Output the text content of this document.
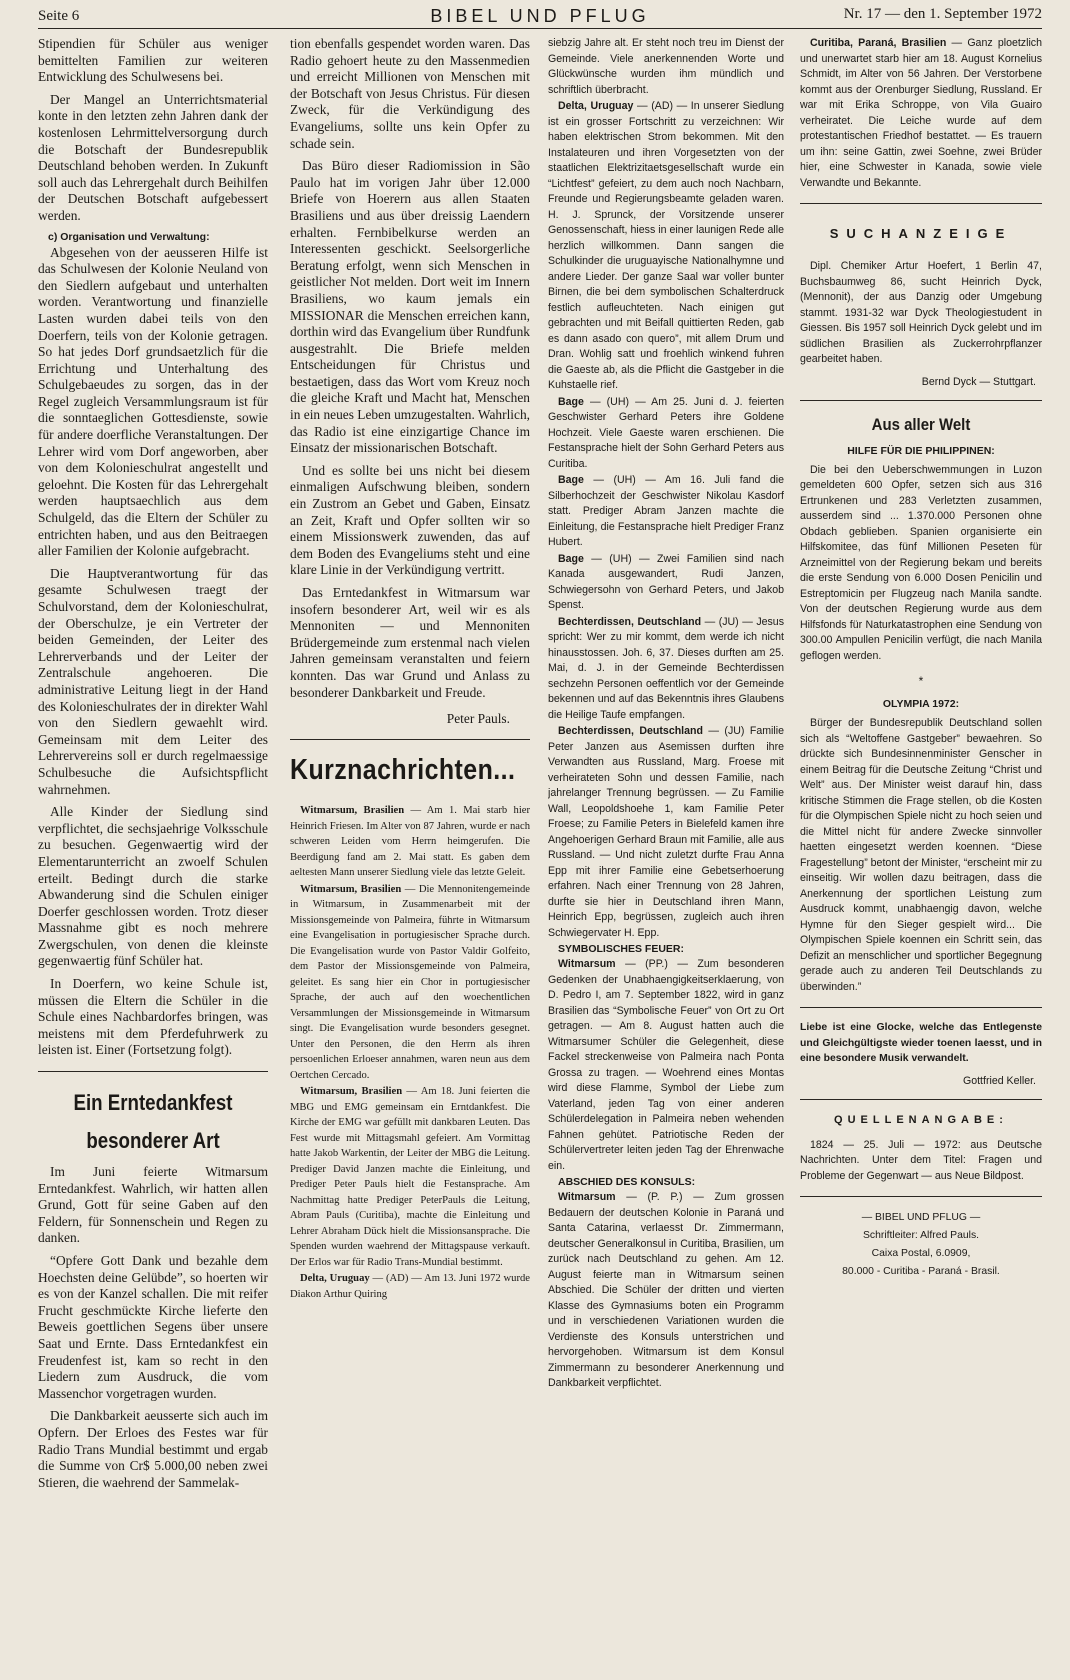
Seite 6	BIBEL UND PFLUG	Nr. 17 — den 1. September 1972

Stipendien für Schüler aus weniger bemittelten Familien zur weiteren Entwicklung des Schulwesens bei.

Der Mangel an Unterrichtsmaterial konte in den letzten zehn Jahren dank der kostenlosen Lehrmittelversorgung durch die Botschaft der Bundesrepublik Deutschland behoben werden. In Zukunft soll auch das Lehrergehalt durch Beihilfen der Deutschen Botschaft aufgebessert werden.

c) Organisation und Verwaltung:

Abgesehen von der aeusseren Hilfe ist das Schulwesen der Kolonie Neuland von den Siedlern aufgebaut und unterhalten worden. Verantwortung und finanzielle Lasten wurden dabei teils von den Doerfern, teils von der Kolonie getragen. So hat jedes Dorf grundsaetzlich für die Errichtung und Unterhaltung des Schulgebaeudes zu sorgen, das in der Regel zugleich Versammlungsraum ist für die sonntaeglichen Gottesdienste, sowie für andere doerfliche Veranstaltungen. Der Lehrer wird vom Dorf angeworben, aber von dem Kolonieschulrat angestellt und geloehnt. Die Kosten für das Lehrergehalt werden hauptsaechlich aus dem Schulgeld, das die Eltern der Schüler zu entrichten haben, und aus den Beitraegen aller Familien der Kolonie aufgebracht.

Die Hauptverantwortung für das gesamte Schulwesen traegt der Schulvorstand, dem der Kolonieschulrat, der Oberschulze, je ein Vertreter der beiden Gemeinden, der Leiter des Lehrerverbands und der Leiter der Zentralschule angehoeren. Die administrative Leitung liegt in der Hand des Kolonieschulrates der in direkter Wahl von den Siedlern gewaehlt wird. Gemeinsam mit dem Leiter des Lehrervereins soll er durch regelmaessige Schulbesuche die Aufsichtspflicht wahrnehmen.

Alle Kinder der Siedlung sind verpflichtet, die sechsjaehrige Volksschule zu besuchen. Gegenwaertig wird der Elementarunterricht an zwoelf Schulen erteilt. Bedingt durch die starke Abwanderung sind die Schulen einiger Doerfer geschlossen worden. Trotz dieser Massnahme gibt es noch mehrere Zwergschulen, von denen die kleinste gegenwaertig fünf Schüler hat.

In Doerfern, wo keine Schule ist, müssen die Eltern die Schüler in die Schule eines Nachbardorfes bringen, was meistens mit dem Pferdefuhrwerk zu leisten ist. Einer (Fortsetzung folgt).

Ein Erntedankfest besonderer Art

Im Juni feierte Witmarsum Erntedankfest. Wahrlich, wir hatten allen Grund, Gott für seine Gaben auf den Feldern, für Sonnenschein und Regen zu danken.

“Opfere Gott Dank und bezahle dem Hoechsten deine Gelübde”, so hoerten wir es von der Kanzel schallen. Die mit reifer Frucht geschmückte Kirche lieferte den Beweis goettlichen Segens über unsere Saat und Ernte. Dass Erntedankfest ein Freudenfest ist, kam so recht in den Liedern zum Ausdruck, die vom Massenchor vorgetragen wurden.

Die Dankbarkeit aeusserte sich auch im Opfern. Der Erloes des Festes war für Radio Trans Mundial bestimmt und ergab die Summe von Cr$ 5.000,00 neben zwei Stieren, die waehrend der Sammelak-

tion ebenfalls gespendet worden waren. Das Radio gehoert heute zu den Massenmedien und erreicht Millionen von Menschen mit der Botschaft von Jesus Christus. Für diesen Zweck, für die Verkündigung des Evangeliums, sollte uns kein Opfer zu schade sein.

Das Büro dieser Radiomission in São Paulo hat im vorigen Jahr über 12.000 Briefe von Hoerern aus allen Staaten Brasiliens und aus über dreissig Laendern erhalten. Fernbibelkurse werden an Interessenten geschickt. Seelsorgerliche Beratung erfolgt, wenn sich Menschen in geistlicher Not melden. Dort weit im Innern Brasiliens, wo kaum jemals ein MISSIONAR die Menschen erreichen kann, dorthin wird das Evangelium über Rundfunk ausgestrahlt. Die Briefe melden Entscheidungen für Christus und bestaetigen, dass das Wort vom Kreuz noch die gleiche Kraft und Macht hat, Menschen in ein neues Leben umzugestalten. Wahrlich, das Radio ist eine einzigartige Chance im Einsatz der missionarischen Botschaft.

Und es sollte bei uns nicht bei diesem einmaligen Aufschwung bleiben, sondern ein Zustrom an Gebet und Gaben, Einsatz an Zeit, Kraft und Opfer sollten wir so einem Missionswerk zuwenden, das auf dem Boden des Evangeliums steht und eine klare Linie in der Verkündigung vertritt.

Das Erntedankfest in Witmarsum war insofern besonderer Art, weil wir es als Mennoniten — und Mennoniten Brüdergemeinde zum erstenmal nach vielen Jahren gemeinsam veranstalten und feiern konnten. Das war Grund und Anlass zu besonderer Dankbarkeit und Freude.

Peter Pauls.
Kurznachrichten...

Witmarsum, Brasilien — Am 1. Mai starb hier Heinrich Friesen. Im Alter von 87 Jahren, wurde er nach schweren Leiden vom Herrn heimgerufen. Die Beerdigung fand am 2. Mai statt. Es gaben dem aeltesten Mann unserer Siedlung viele das letzte Geleit.

Witmarsum, Brasilien — Die Mennonitengemeinde in Witmarsum, in Zusammenarbeit mit der Missionsgemeinde von Palmeira, führte in Witmarsum eine Evangelisation in portugiesischer Sprache durch. Die Evangelisation wurde von Pastor Valdir Golfeito, dem Pastor der Missionsgemeinde von Palmeira, geleitet. Es sang hier ein Chor in portugiesischer Sprache, der auch auf den woechentlichen Versammlungen der Missionsgemeinde in Witmarsum singt. Die Evangelisation wurde besonders gesegnet. Unter den Personen, die den Herrn als ihren persoenlichen Erloeser annahmen, waren neun aus dem Oertchen Cercado.

Witmarsum, Brasilien — Am 18. Juni feierten die MBG und EMG gemeinsam ein Erntdankfest. Die Kirche der EMG war gefüllt mit dankbaren Leuten. Das Fest wurde mit Mittagsmahl gefeiert. Am Vormittag hatte Jakob Warkentin, der Leiter der MBG die Leitung. Prediger David Janzen machte die Einleitung, und Prediger Peter Pauls hielt die Festansprache. Am Nachmittag hatte Prediger PeterPauls die Leitung, Abram Pauls (Curitiba), machte die Einleitung und Lehrer Abraham Dück hielt die Missionsansprache. Die Spenden wurden waehrend der Mittagspause verkauft. Der Erlos war für Radio Trans-Mundial bestimmt.

Delta, Uruguay — (AD) — Am 13. Juni 1972 wurde Diakon Arthur Quiring

siebzig Jahre alt. Er steht noch treu im Dienst der Gemeinde. Viele anerkennenden Worte und Glückwünsche wurden ihm mündlich und schriftlich überbracht.

Delta, Uruguay — (AD) — In unserer Siedlung ist ein grosser Fortschritt zu verzeichnen: Wir haben elektrischen Strom bekommen. Mit den Instalateuren und ihren Vorgesetzten von der staatlichen Elektrizitaetsgesellschaft wurde ein “Lichtfest” gefeiert, zu dem auch noch Nachbarn, Freunde und Regierungsbeamte geladen waren. H. J. Sprunck, der Vorsitzende unserer Genossenschaft, hiess in einer launigen Rede alle herzlich willkommen. Dann sangen die Schulkinder die uruguayische Nationalhymne und andere Lieder. Der ganze Saal war voller bunter Birnen, die bei dem symbolischen Schalterdruck festlich aufleuchteten. Nach einigen gut gebrachten und mit Beifall quittierten Reden, gab es dann asado con quero”, mit allem Drum und Dran. Wohlig satt und froehlich winkend fuhren die Gaeste ab, als die Pflicht die Gastgeber in die Kuhstaelle rief.

Bage — (UH) — Am 25. Juni d. J. feierten Geschwister Gerhard Peters ihre Goldene Hochzeit. Viele Gaeste waren erschienen. Die Festansprache hielt der Sohn Gerhard Peters aus Curitiba.

Bage — (UH) — Am 16. Juli fand die Silberhochzeit der Geschwister Nikolau Kasdorf statt. Prediger Abram Janzen machte die Einleitung, die Festansprache hielt Prediger Franz Hubert.

Bage — (UH) — Zwei Familien sind nach Kanada ausgewandert, Rudi Janzen, Schwiegersohn von Gerhard Peters, und Jakob Spenst.

Bechterdissen, Deutschland — (JU) — Jesus spricht: Wer zu mir kommt, dem werde ich nicht hinausstossen. Joh. 6, 37. Dieses durften am 25. Mai, d. J. in der Gemeinde Bechterdissen sechzehn Personen oeffentlich vor der Gemeinde bekennen und auf das Bekenntnis ihres Glaubens die Heilige Taufe empfangen.

Bechterdissen, Deutschland — (JU) Familie Peter Janzen aus Asemissen durften ihre Verwandten aus Russland, Marg. Froese mit verheirateten Sohn und dessen Familie, nach jahrelanger Trennung begrüssen. — Zu Familie Wall, Leopoldshoehe 1, kam Familie Peter Froese; zu Familie Peters in Bielefeld kamen ihre Angehoerigen Gerhard Braun mit Familie, alle aus Russland. — Und nicht zuletzt durfte Frau Anna Epp mit ihrer Familie eine Gebetserhoerung erfahren. Nach einer Trennung von 28 Jahren, durfte sie hier in Deutschland ihren Mann, Heinrich Epp, begrüssen, zugleich auch ihren Schwiegervater H. Epp.

SYMBOLISCHES FEUER:

Witmarsum — (PP.) — Zum besonderen Gedenken der Unabhaengigkeitserklaerung, von D. Pedro I, am 7. September 1822, wird in ganz Brasilien das “Symbolische Feuer” von Ort zu Ort getragen. — Am 8. August hatten auch die Witmarsumer Schüler die Gelegenheit, diese Fackel streckenweise von Palmeira nach Ponta Grossa zu tragen. — Woehrend eines Montas wird diese Flamme, Symbol der Liebe zum Vaterland, jeden Tag von einer anderen Schülerdelegation in Palmeira neben wehenden Fahnen gehütet. Patriotische Reden der Schülervertreter leiten jeden Tag der Ehrenwache ein.

ABSCHIED DES KONSULS:

Witmarsum — (P. P.) — Zum grossen Bedauern der deutschen Kolonie in Paraná und Santa Catarina, verlaesst Dr. Zimmermann, deutscher Generalkonsul in Curitiba, Brasilien, um zurück nach Deutschland zu gehen. Am 12. August feierte man in Witmarsum seinen Abschied. Die Schüler der dritten und vierten Klasse des Gymnasiums boten ein Programm und in verschiedenen Variationen wurden die Verdienste des Konsuls unterstrichen und hervorgehoben. Witmarsum ist dem Konsul Zimmermann zu besonderer Anerkennung und Dankbarkeit verpflichtet.

Curitiba, Paraná, Brasilien — Ganz ploetzlich und unerwartet starb hier am 18. August Kornelius Schmidt, im Alter von 56 Jahren. Der Verstorbene kommt aus der Orenburger Siedlung, Russland. Er war mit Erika Schroppe, von Vila Guairo verheiratet. Die Leiche wurde auf dem protestantischen Friedhof bestattet. — Es trauern um ihn: seine Gattin, zwei Soehne, zwei Brüder hier, eine Schwester in Kanada, sowie viele Verwandte und Bekannte.

SUCHANZEIGE

Dipl. Chemiker Artur Hoefert, 1 Berlin 47, Buchsbaumweg 86, sucht Heinrich Dyck, (Mennonit), der aus Danzig oder Umgebung stammt. 1931-32 war Dyck Theologiestudent in Giessen. Bis 1957 soll Heinrich Dyck gelebt und im südlichen Brasilien als Zuckerrohrpflanzer gearbeitet haben.

Bernd Dyck — Stuttgart.
Aus aller Welt
HILFE FÜR DIE PHILIPPINEN:

Die bei den Ueberschwemmungen in Luzon gemeldeten 600 Opfer, setzen sich aus 316 Ertrunkenen und 283 Verletzten zusammen, ausserdem sind ... 1.370.000 Personen ohne Obdach geblieben. Spanien organisierte ein Hilfskomitee, das fünf Millionen Peseten für Arzneimittel von der Regierung bekam und bereits die erste Sendung von 6.000 Dosen Penicilin und Estreptomicin per Flugzeug nach Manila sandte. Von der deutschen Regierung wurde aus dem Hilfsfonds für Naturkatastrophen eine Sendung von 300.00 Ampullen Penicilin verfügt, die nach Manila geflogen werden.

*
OLYMPIA 1972:

Bürger der Bundesrepublik Deutschland sollen sich als “Weltoffene Gastgeber” bewaehren. So drückte sich Bundesinnenminister Genscher in einem Beitrag für die Deutsche Zeitung “Christ und Welt” aus. Der Minister weist darauf hin, dass kritische Stimmen die Frage stellen, ob die Kosten für die Olympischen Spiele nicht zu hoch seien und die Mittel nicht für andere Zwecke sinnvoller haetten eingesetzt werden koennen. “Diese Fragestellung” betont der Minister, “erscheint mir zu einseitig. Wir wollen dazu beitragen, dass die Anerkennung der sportlichen Leistung zum Ausdruck kommt, unabhaengig davon, welche Hymne für den Sieger gespielt wird... Die Olympischen Spiele koennen ein Schritt sein, das Defizit an menschlicher und sportlicher Begegnung gerade auch zu anderen Teil Deutschlands zu überwinden.”

Liebe ist eine Glocke, welche das Entlegenste und Gleichgültigste wieder toenen laesst, und in eine besondere Musik verwandelt.

Gottfried Keller.
QUELLENANGABE:

1824 — 25. Juli — 1972: aus Deutsche Nachrichten. Unter dem Titel: Fragen und Probleme der Gegenwart — aus Neue Bildpost.

— BIBEL UND PFLUG —
Schriftleiter: Alfred Pauls.
Caixa Postal, 6.0909,
80.000 - Curitiba - Paraná - Brasil.
